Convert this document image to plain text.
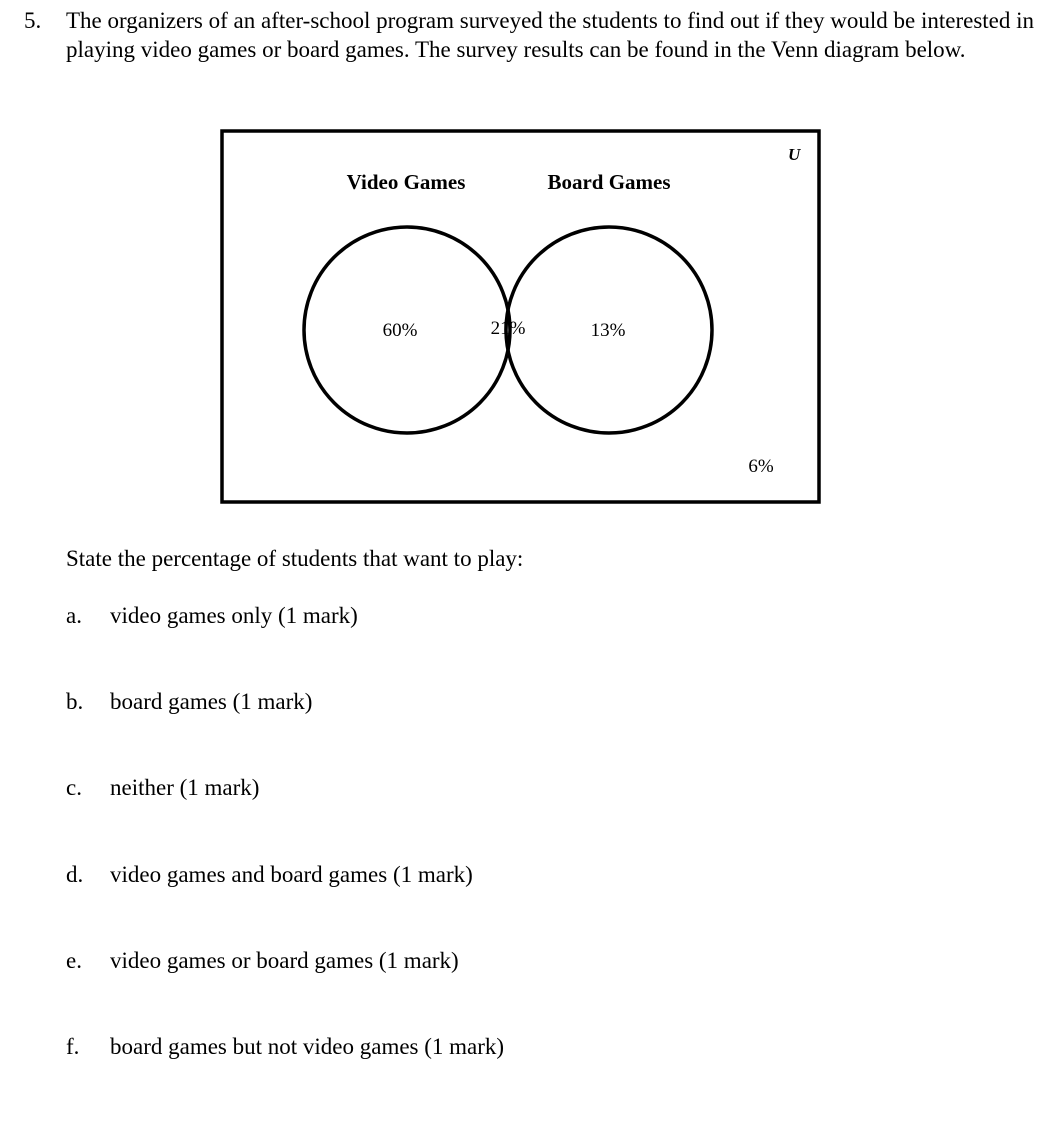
5. The organizers of an after-school program surveyed the students to find out if they would be interested in playing video games or board games. The survey results can be found in the Venn diagram below.
U
Video Games	Board Games
60%	21%	13%
6%
State the percentage of students that want to play:
a. video games only (1 mark)
b. board games (1 mark)
c. neither (1 mark)
d. video games and board games (1 mark)
e. video games or board games (1 mark)
f. board games but not video games (1 mark)
